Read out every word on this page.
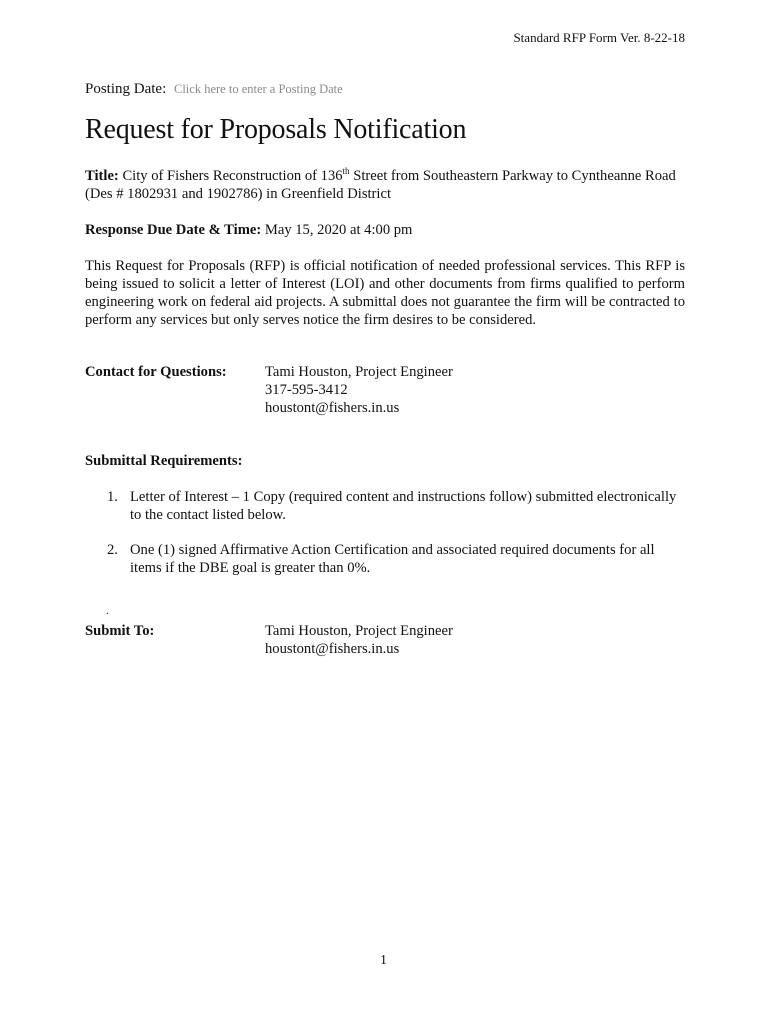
Standard RFP Form Ver. 8-22-18
Posting Date: Click here to enter a Posting Date
Request for Proposals Notification
Title: City of Fishers Reconstruction of 136th Street from Southeastern Parkway to Cyntheanne Road (Des # 1802931 and 1902786) in Greenfield District
Response Due Date & Time: May 15, 2020 at 4:00 pm
This Request for Proposals (RFP) is official notification of needed professional services. This RFP is being issued to solicit a letter of Interest (LOI) and other documents from firms qualified to perform engineering work on federal aid projects. A submittal does not guarantee the firm will be contracted to perform any services but only serves notice the firm desires to be considered.
Contact for Questions:	Tami Houston, Project Engineer
317-595-3412
houstont@fishers.in.us
Submittal Requirements:
1. Letter of Interest – 1 Copy (required content and instructions follow) submitted electronically to the contact listed below.
2. One (1) signed Affirmative Action Certification and associated required documents for all items if the DBE goal is greater than 0%.
.
Submit To:	Tami Houston, Project Engineer
houstont@fishers.in.us
1
